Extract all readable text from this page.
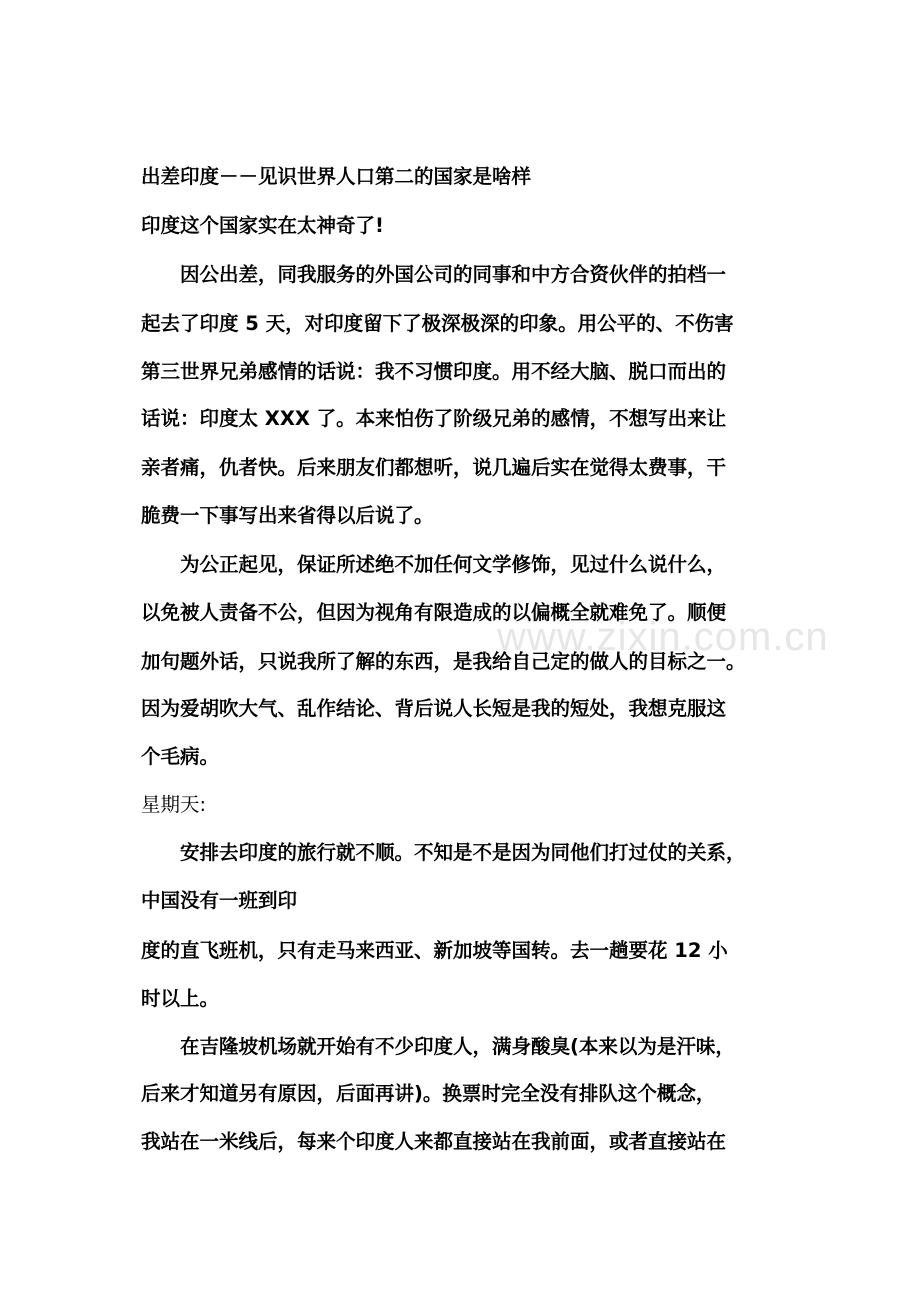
www.zixin.com.cn
出差印度－－见识世界人口第二的国家是啥样
印度这个国家实在太神奇了!
　　因公出差，同我服务的外国公司的同事和中方合资伙伴的拍档一
起去了印度 5 天，对印度留下了极深极深的印象。用公平的、不伤害
第三世界兄弟感情的话说：我不习惯印度。用不经大脑、脱口而出的
话说：印度太 XXX 了。本来怕伤了阶级兄弟的感情，不想写出来让
亲者痛，仇者快。后来朋友们都想听，说几遍后实在觉得太费事，干
脆费一下事写出来省得以后说了。
　　为公正起见，保证所述绝不加任何文学修饰，见过什么说什么，
以免被人责备不公，但因为视角有限造成的以偏概全就难免了。顺便
加句题外话，只说我所了解的东西，是我给自己定的做人的目标之一。
因为爱胡吹大气、乱作结论、背后说人长短是我的短处，我想克服这
个毛病。
星期天:
　　安排去印度的旅行就不顺。不知是不是因为同他们打过仗的关系，
中国没有一班到印
度的直飞班机，只有走马来西亚、新加坡等国转。去一趟要花 12 小
时以上。
　　在吉隆坡机场就开始有不少印度人，满身酸臭(本来以为是汗味，
后来才知道另有原因，后面再讲)。换票时完全没有排队这个概念，
我站在一米线后，每来个印度人来都直接站在我前面，或者直接站在
